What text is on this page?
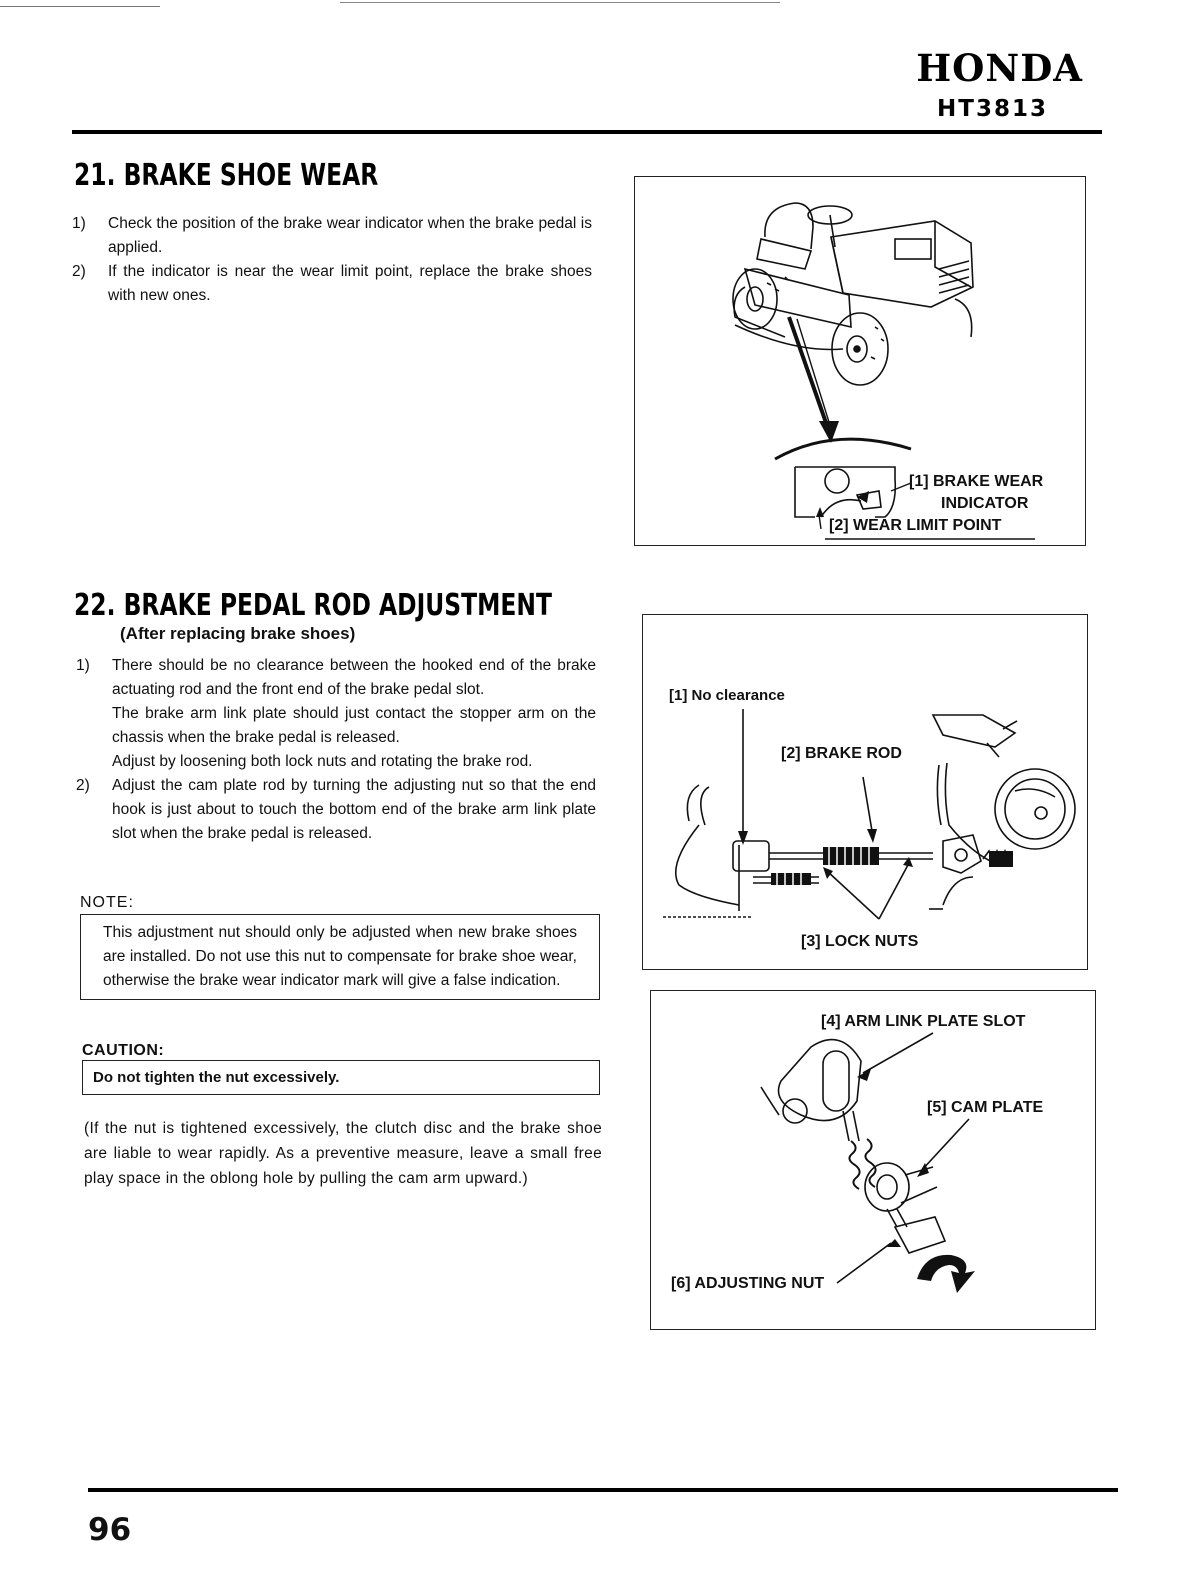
HONDA
HT3813
21. BRAKE SHOE WEAR
1) Check the position of the brake wear indicator when the brake pedal is applied.

2) If the indicator is near the wear limit point, replace the brake shoes with new ones.

[1] BRAKE WEAR
INDICATOR
[2] WEAR LIMIT POINT
22. BRAKE PEDAL ROD ADJUSTMENT
(After replacing brake shoes)
1) There should be no clearance between the hooked end of the brake actuating rod and the front end of the brake pedal slot.

The brake arm link plate should just contact the stopper arm on the chassis when the brake pedal is released.

Adjust by loosening both lock nuts and rotating the brake rod.

2) Adjust the cam plate rod by turning the adjusting nut so that the end hook is just about to touch the bottom end of the brake arm link plate slot when the brake pedal is released.

NOTE:
This adjustment nut should only be adjusted when new brake shoes are installed. Do not use this nut to compensate for brake shoe wear, otherwise the brake wear indicator mark will give a false indication.
CAUTION:
Do not tighten the nut excessively.
(If the nut is tightened excessively, the clutch disc and the brake shoe are liable to wear rapidly. As a preventive measure, leave a small free play space in the oblong hole by pulling the cam arm upward.)
[1] No clearance
[2] BRAKE ROD
[3] LOCK NUTS
[4] ARM LINK PLATE SLOT
[5] CAM PLATE
[6] ADJUSTING NUT
96
